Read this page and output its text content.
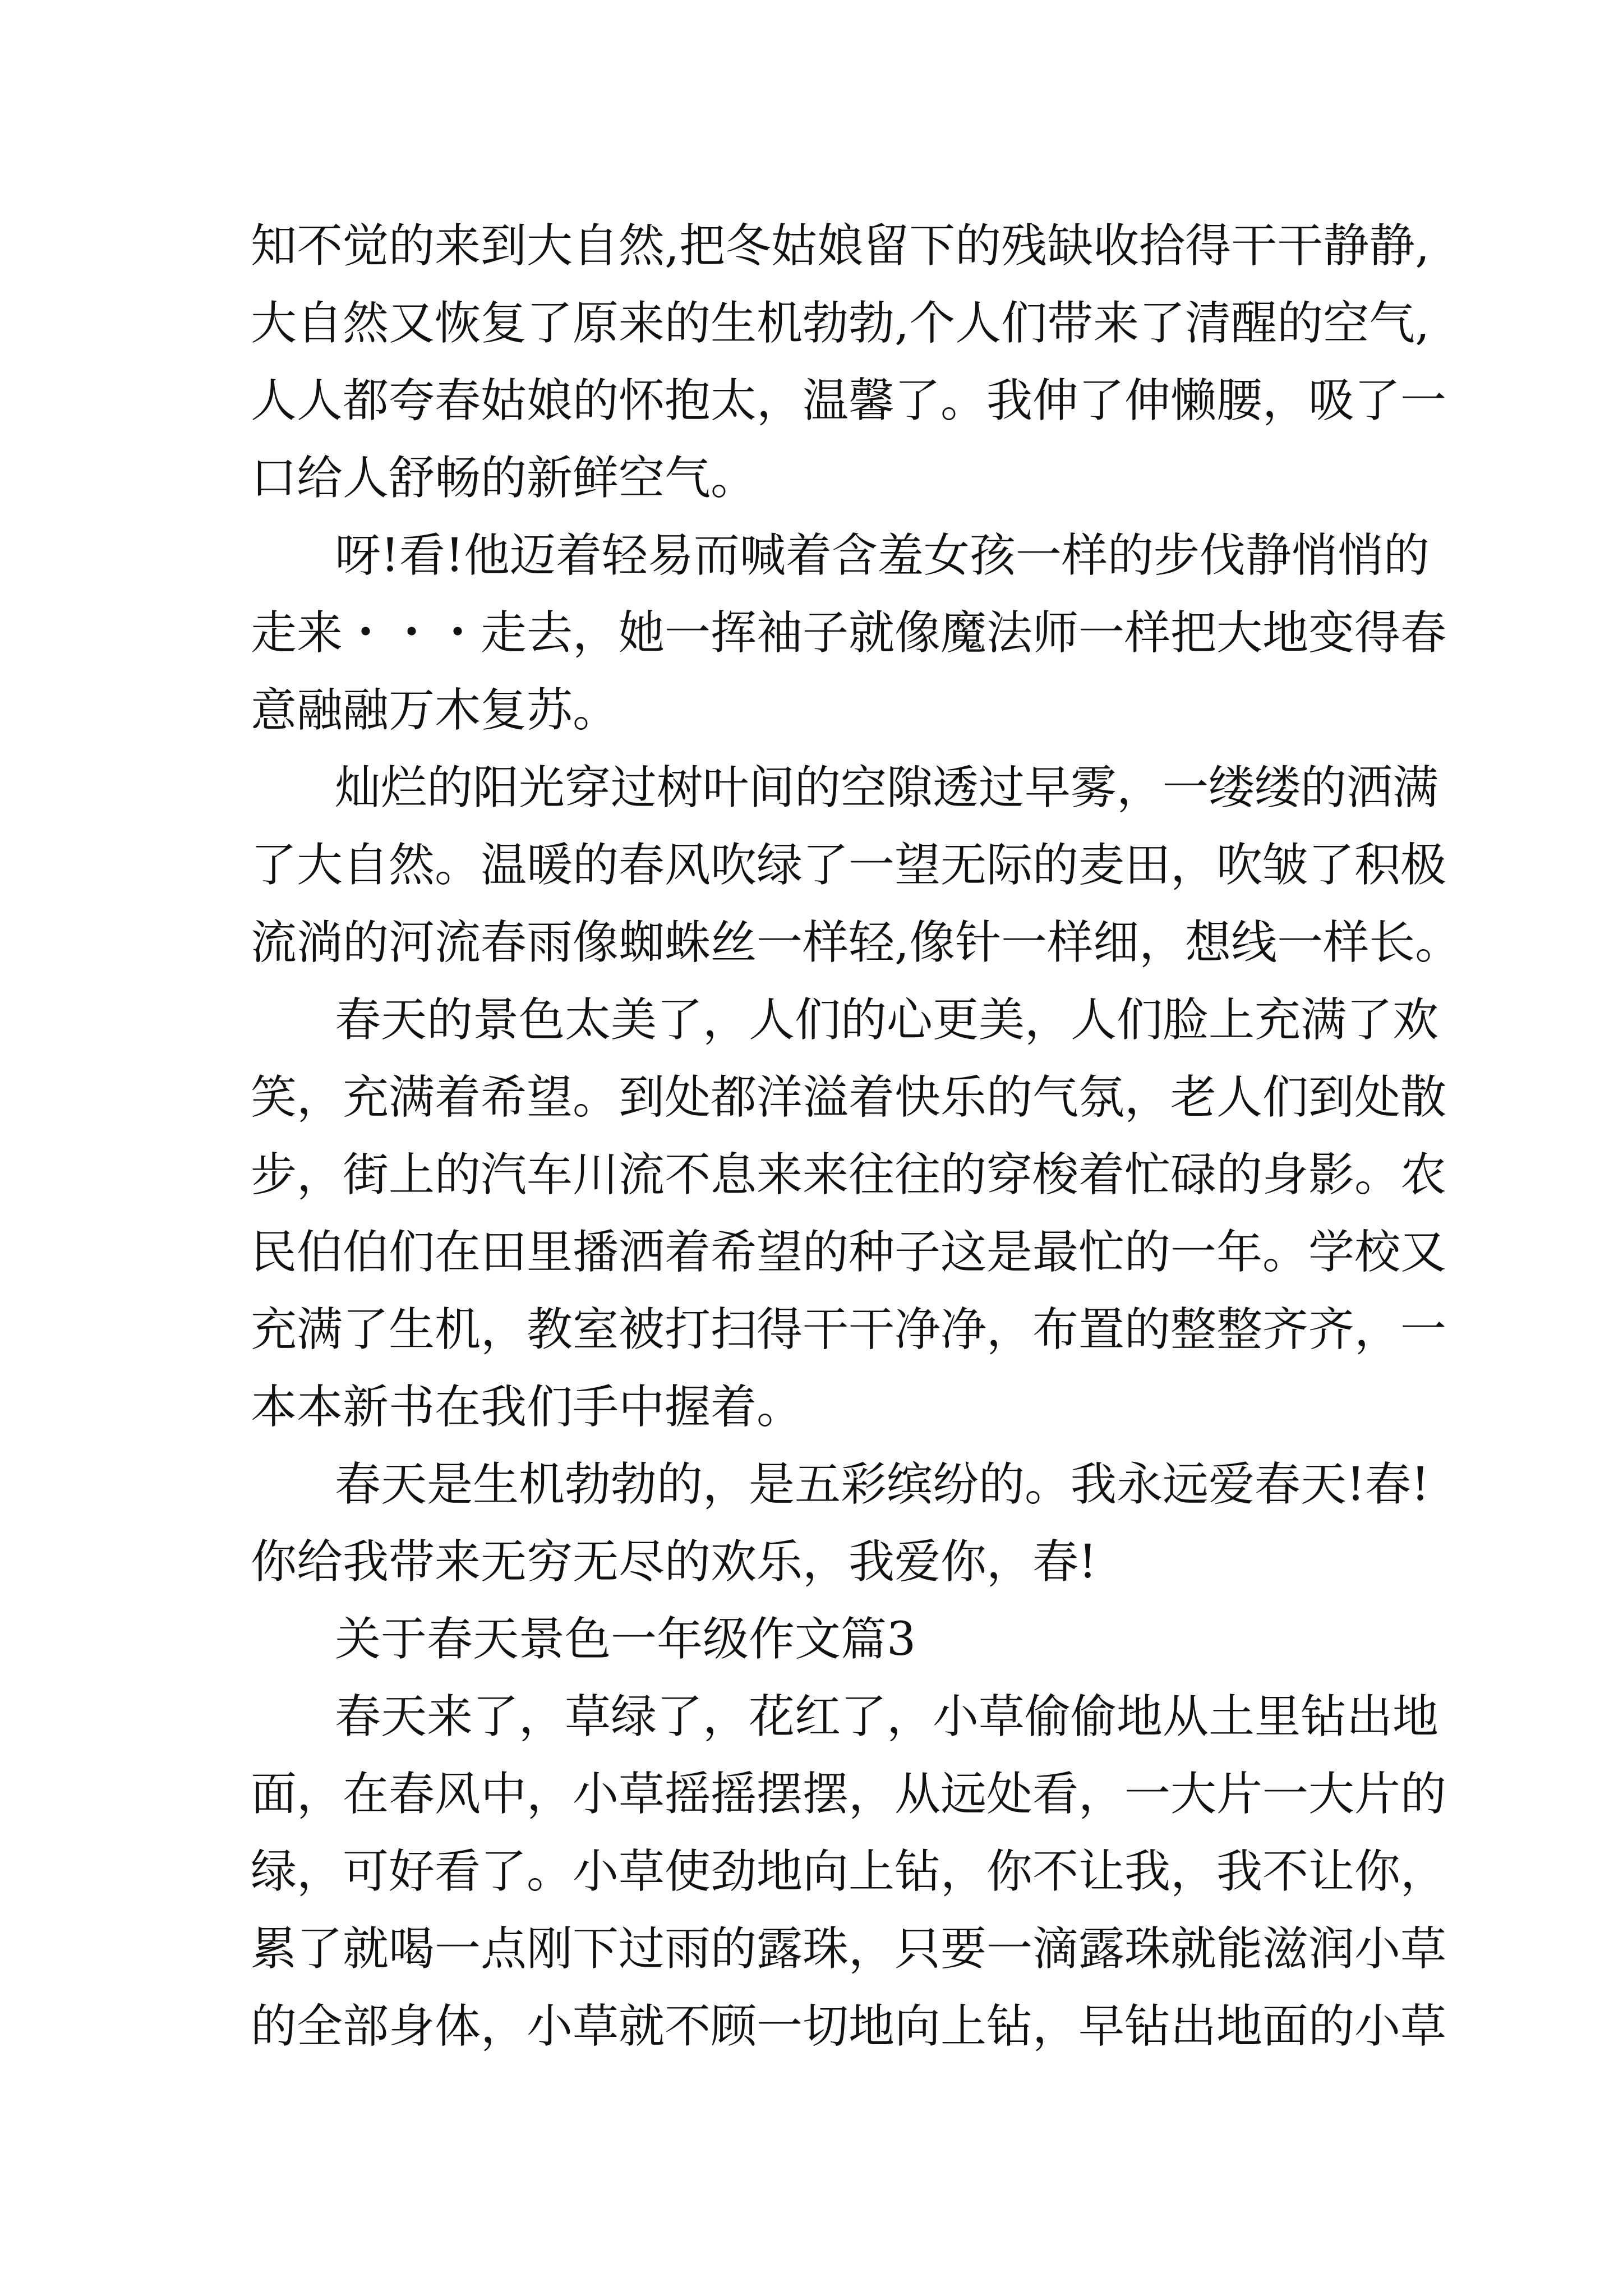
知不觉的来到大自然,把冬姑娘留下的残缺收拾得干干静静,
大自然又恢复了原来的生机勃勃,个人们带来了清醒的空气,
人人都夸春姑娘的怀抱太，温馨了。我伸了伸懒腰，吸了一
口给人舒畅的新鲜空气。
呀!看!他迈着轻易而喊着含羞女孩一样的步伐静悄悄的
走来・・・走去，她一挥袖子就像魔法师一样把大地变得春
意融融万木复苏。
灿烂的阳光穿过树叶间的空隙透过早雾，一缕缕的洒满
了大自然。温暖的春风吹绿了一望无际的麦田，吹皱了积极
流淌的河流春雨像蜘蛛丝一样轻,像针一样细，想线一样长。
春天的景色太美了，人们的心更美，人们脸上充满了欢
笑，充满着希望。到处都洋溢着快乐的气氛，老人们到处散
步，街上的汽车川流不息来来往往的穿梭着忙碌的身影。农
民伯伯们在田里播洒着希望的种子这是最忙的一年。学校又
充满了生机，教室被打扫得干干净净，布置的整整齐齐，一
本本新书在我们手中握着。
春天是生机勃勃的，是五彩缤纷的。我永远爱春天!春!
你给我带来无穷无尽的欢乐，我爱你，春!
关于春天景色一年级作文篇3
春天来了，草绿了，花红了，小草偷偷地从土里钻出地
面，在春风中，小草摇摇摆摆，从远处看，一大片一大片的
绿，可好看了。小草使劲地向上钻，你不让我，我不让你，
累了就喝一点刚下过雨的露珠，只要一滴露珠就能滋润小草
的全部身体，小草就不顾一切地向上钻，早钻出地面的小草
